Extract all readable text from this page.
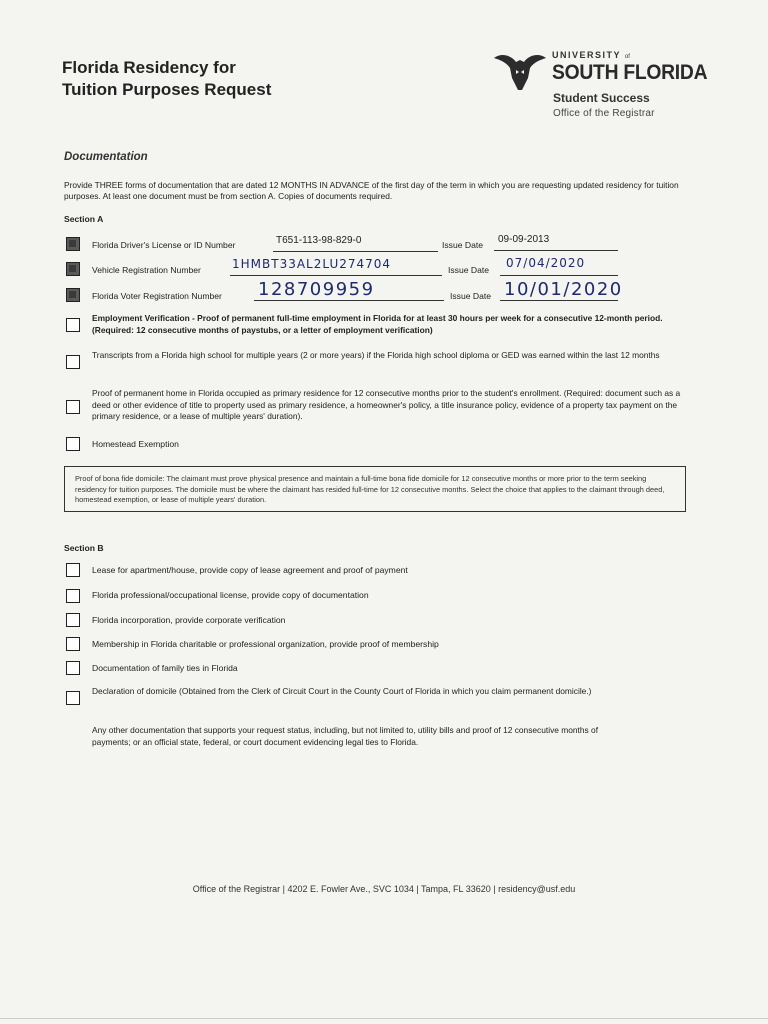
Florida Residency for
Tuition Purposes Request
UNIVERSITY of
SOUTH FLORIDA
Student Success
Office of the Registrar
Documentation
Provide THREE forms of documentation that are dated 12 MONTHS IN ADVANCE of the first day of the term in which you are requesting updated residency for tuition purposes. At least one document must be from section A. Copies of documents required.
Section A
Florida Driver's License or ID Number	T651-113-98-829-0	Issue Date 09-09-2013
Vehicle Registration Number	1HMBT33AL2LU274704	Issue Date 07/04/2020
Florida Voter Registration Number 128709959	Issue Date 10/01/2020
Employment Verification - Proof of permanent full-time employment in Florida for at least 30 hours per week for a consecutive 12-month period. (Required: 12 consecutive months of paystubs, or a letter of employment verification)
Transcripts from a Florida high school for multiple years (2 or more years) if the Florida high school diploma or GED was earned within the last 12 months
Proof of permanent home in Florida occupied as primary residence for 12 consecutive months prior to the student's enrollment. (Required: document such as a deed or other evidence of title to property used as primary residence, a homeowner's policy, a title insurance policy, evidence of a property tax payment on the primary residence, or a lease of multiple years' duration).
Homestead Exemption
Proof of bona fide domicile: The claimant must prove physical presence and maintain a full-time bona fide domicile for 12 consecutive months or more prior to the term seeking residency for tuition purposes. The domicile must be where the claimant has resided full-time for 12 consecutive months. Select the choice that applies to the claimant through deed, homestead exemption, or lease of multiple years' duration.
Section B
Lease for apartment/house, provide copy of lease agreement and proof of payment
Florida professional/occupational license, provide copy of documentation
Florida incorporation, provide corporate verification
Membership in Florida charitable or professional organization, provide proof of membership
Documentation of family ties in Florida
Declaration of domicile (Obtained from the Clerk of Circuit Court in the County Court of Florida in which you claim permanent domicile.)
Any other documentation that supports your request status, including, but not limited to, utility bills and proof of 12 consecutive months of payments; or an official state, federal, or court document evidencing legal ties to Florida.
Office of the Registrar | 4202 E. Fowler Ave., SVC 1034 | Tampa, FL 33620 | residency@usf.edu
